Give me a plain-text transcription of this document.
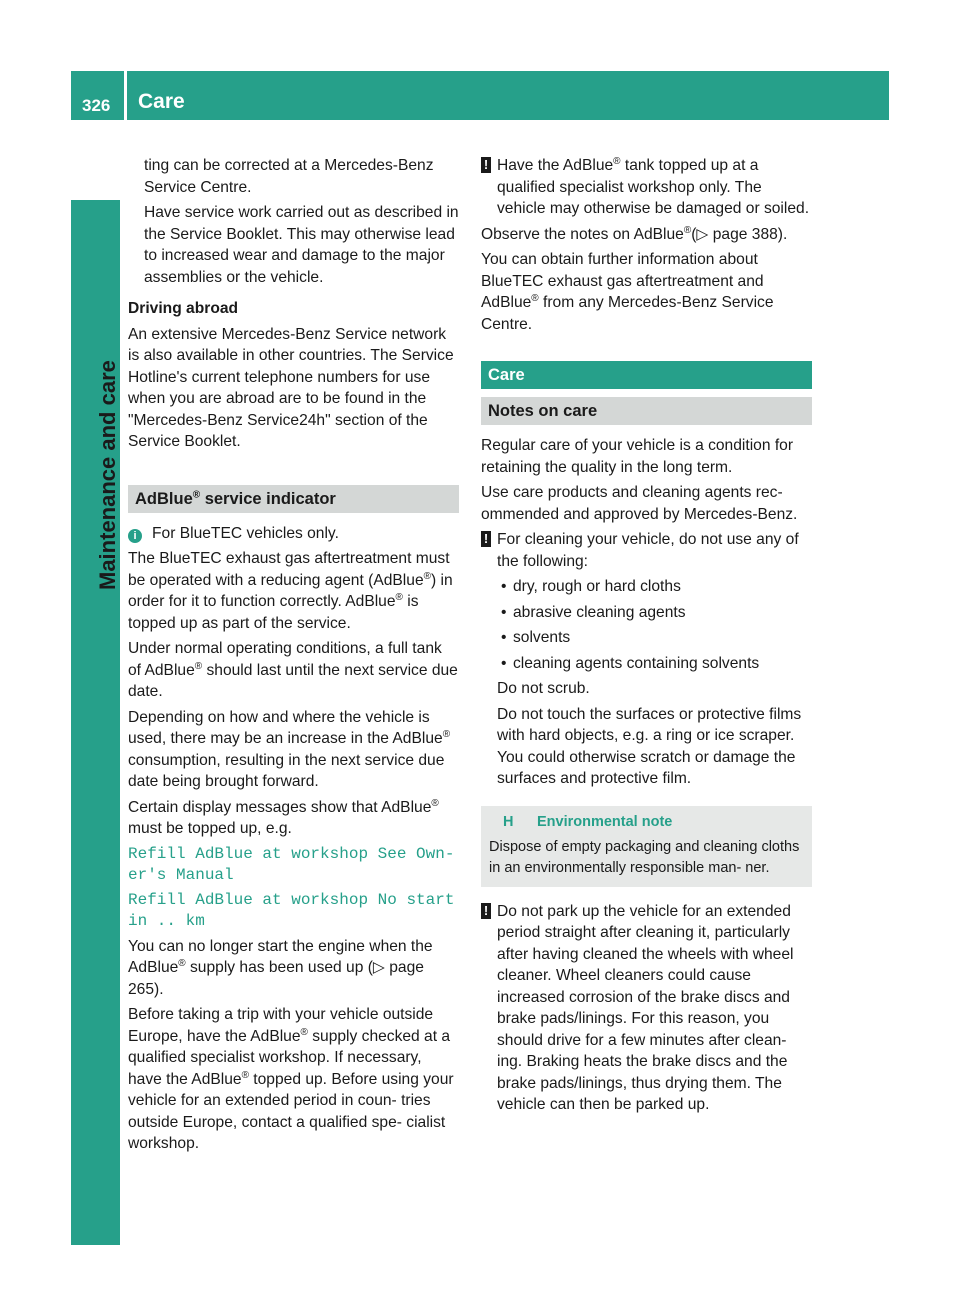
326 Care
Maintenance and care

ting can be corrected at a Mercedes-Benz Service Centre.

Have service work carried out as described in the Service Booklet. This may otherwise lead to increased wear and damage to the major assemblies or the vehicle.

Driving abroad

An extensive Mercedes-Benz Service network is also available in other countries. The Service Hotline's current telephone numbers for use when you are abroad are to be found in the "Mercedes-Benz Service24h" section of the Service Booklet.

AdBlue® service indicator

i For BlueTEC vehicles only.

The BlueTEC exhaust gas aftertreatment must be operated with a reducing agent (AdBlue®) in order for it to function correctly. AdBlue® is topped up as part of the service.

Under normal operating conditions, a full tank of AdBlue® should last until the next service due date.

Depending on how and where the vehicle is used, there may be an increase in the AdBlue® consumption, resulting in the next service due date being brought forward.

Certain display messages show that AdBlue® must be topped up, e.g.

Refill AdBlue at workshop See Own‐ er's Manual

Refill AdBlue at workshop No start in .. km

You can no longer start the engine when the AdBlue® supply has been used up (▷ page 265).

Before taking a trip with your vehicle outside Europe, have the AdBlue® supply checked at a qualified specialist workshop. If necessary, have the AdBlue® topped up. Before using your vehicle for an extended period in coun- tries outside Europe, contact a qualified spe- cialist workshop.

! Have the AdBlue® tank topped up at a qualified specialist workshop only. The vehicle may otherwise be damaged or soiled.

Observe the notes on AdBlue®(▷ page 388).

You can obtain further information about BlueTEC exhaust gas aftertreatment and AdBlue® from any Mercedes-Benz Service Centre.

Care
Notes on care

Regular care of your vehicle is a condition for retaining the quality in the long term.

Use care products and cleaning agents rec- ommended and approved by Mercedes-Benz.

! For cleaning your vehicle, do not use any of the following:
• dry, rough or hard cloths
• abrasive cleaning agents
• solvents
• cleaning agents containing solvents

Do not scrub.

Do not touch the surfaces or protective films with hard objects, e.g. a ring or ice scraper. You could otherwise scratch or damage the surfaces and protective film.

H Environmental note
Dispose of empty packaging and cleaning cloths in an environmentally responsible man- ner.
! Do not park up the vehicle for an extended period straight after cleaning it, particularly after having cleaned the wheels with wheel cleaner. Wheel cleaners could cause increased corrosion of the brake discs and brake pads/linings. For this reason, you should drive for a few minutes after clean- ing. Braking heats the brake discs and the brake pads/linings, thus drying them. The vehicle can then be parked up.
